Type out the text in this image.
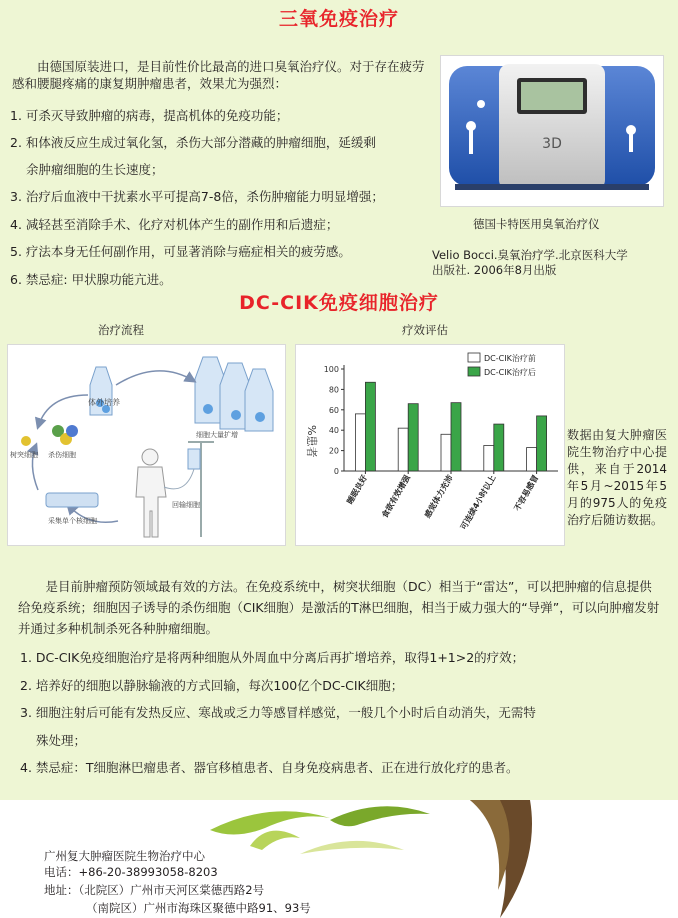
三氧免疫治疗

由德国原装进口，是目前性价比最高的进口臭氧治疗仪。对于存在疲劳感和腰腿疼痛的康复期肿瘤患者，效果尤为强烈：

1. 可杀灭导致肿瘤的病毒，提高机体的免疫功能；
2. 和体液反应生成过氧化氢，杀伤大部分潜藏的肿瘤细胞，延缓剩
余肿瘤细胞的生长速度；
3. 治疗后血液中干扰素水平可提高7-8倍，杀伤肿瘤能力明显增强；
4. 减轻甚至消除手术、化疗对机体产生的副作用和后遗症；
5. 疗法本身无任何副作用，可显著消除与癌症相关的疲劳感。
6. 禁忌症: 甲状腺功能亢进。
3D
德国卡特医用臭氧治疗仪
Velio Bocci.臭氧治疗学.北京医科大学
出版社. 2006年8月出版
DC-CIK免疫细胞治疗
治疗流程	疗效评估
体外培养
细胞大量扩增
树突细胞 杀伤细胞
采集单个核细胞
回输细胞
0
20
40
60
80
100
睡眠良好 食欲有效增强 感觉体力充沛 可连续4小时以上 不容易感冒
DC-CIK治疗前
DC-CIK治疗后
%患者	数据由复大肿瘤医院生物治疗中心提供，来自于2014年5月~2015年5月的975人的免疫治疗后随访数据。

是目前肿瘤预防领域最有效的方法。在免疫系统中，树突状细胞（DC）相当于“雷达”，可以把肿瘤的信息提供给免疫系统；细胞因子诱导的杀伤细胞（CIK细胞）是激活的T淋巴细胞，相当于威力强大的“导弹”，可以向肿瘤发射并通过多种机制杀死各种肿瘤细胞。

1. DC-CIK免疫细胞治疗是将两种细胞从外周血中分离后再扩增培养，取得1+1>2的疗效；
2. 培养好的细胞以静脉输液的方式回输，每次100亿个DC-CIK细胞；
3. 细胞注射后可能有发热反应、寒战或乏力等感冒样感觉，一般几个小时后自动消失，无需特
殊处理；
4. 禁忌症：T细胞淋巴瘤患者、器官移植患者、自身免疫病患者、正在进行放化疗的患者。
广州复大肿瘤医院生物治疗中心
电话：+86-20-38993058-8203
地址：（北院区）广州市天河区棠德西路2号
（南院区）广州市海珠区聚德中路91、93号
